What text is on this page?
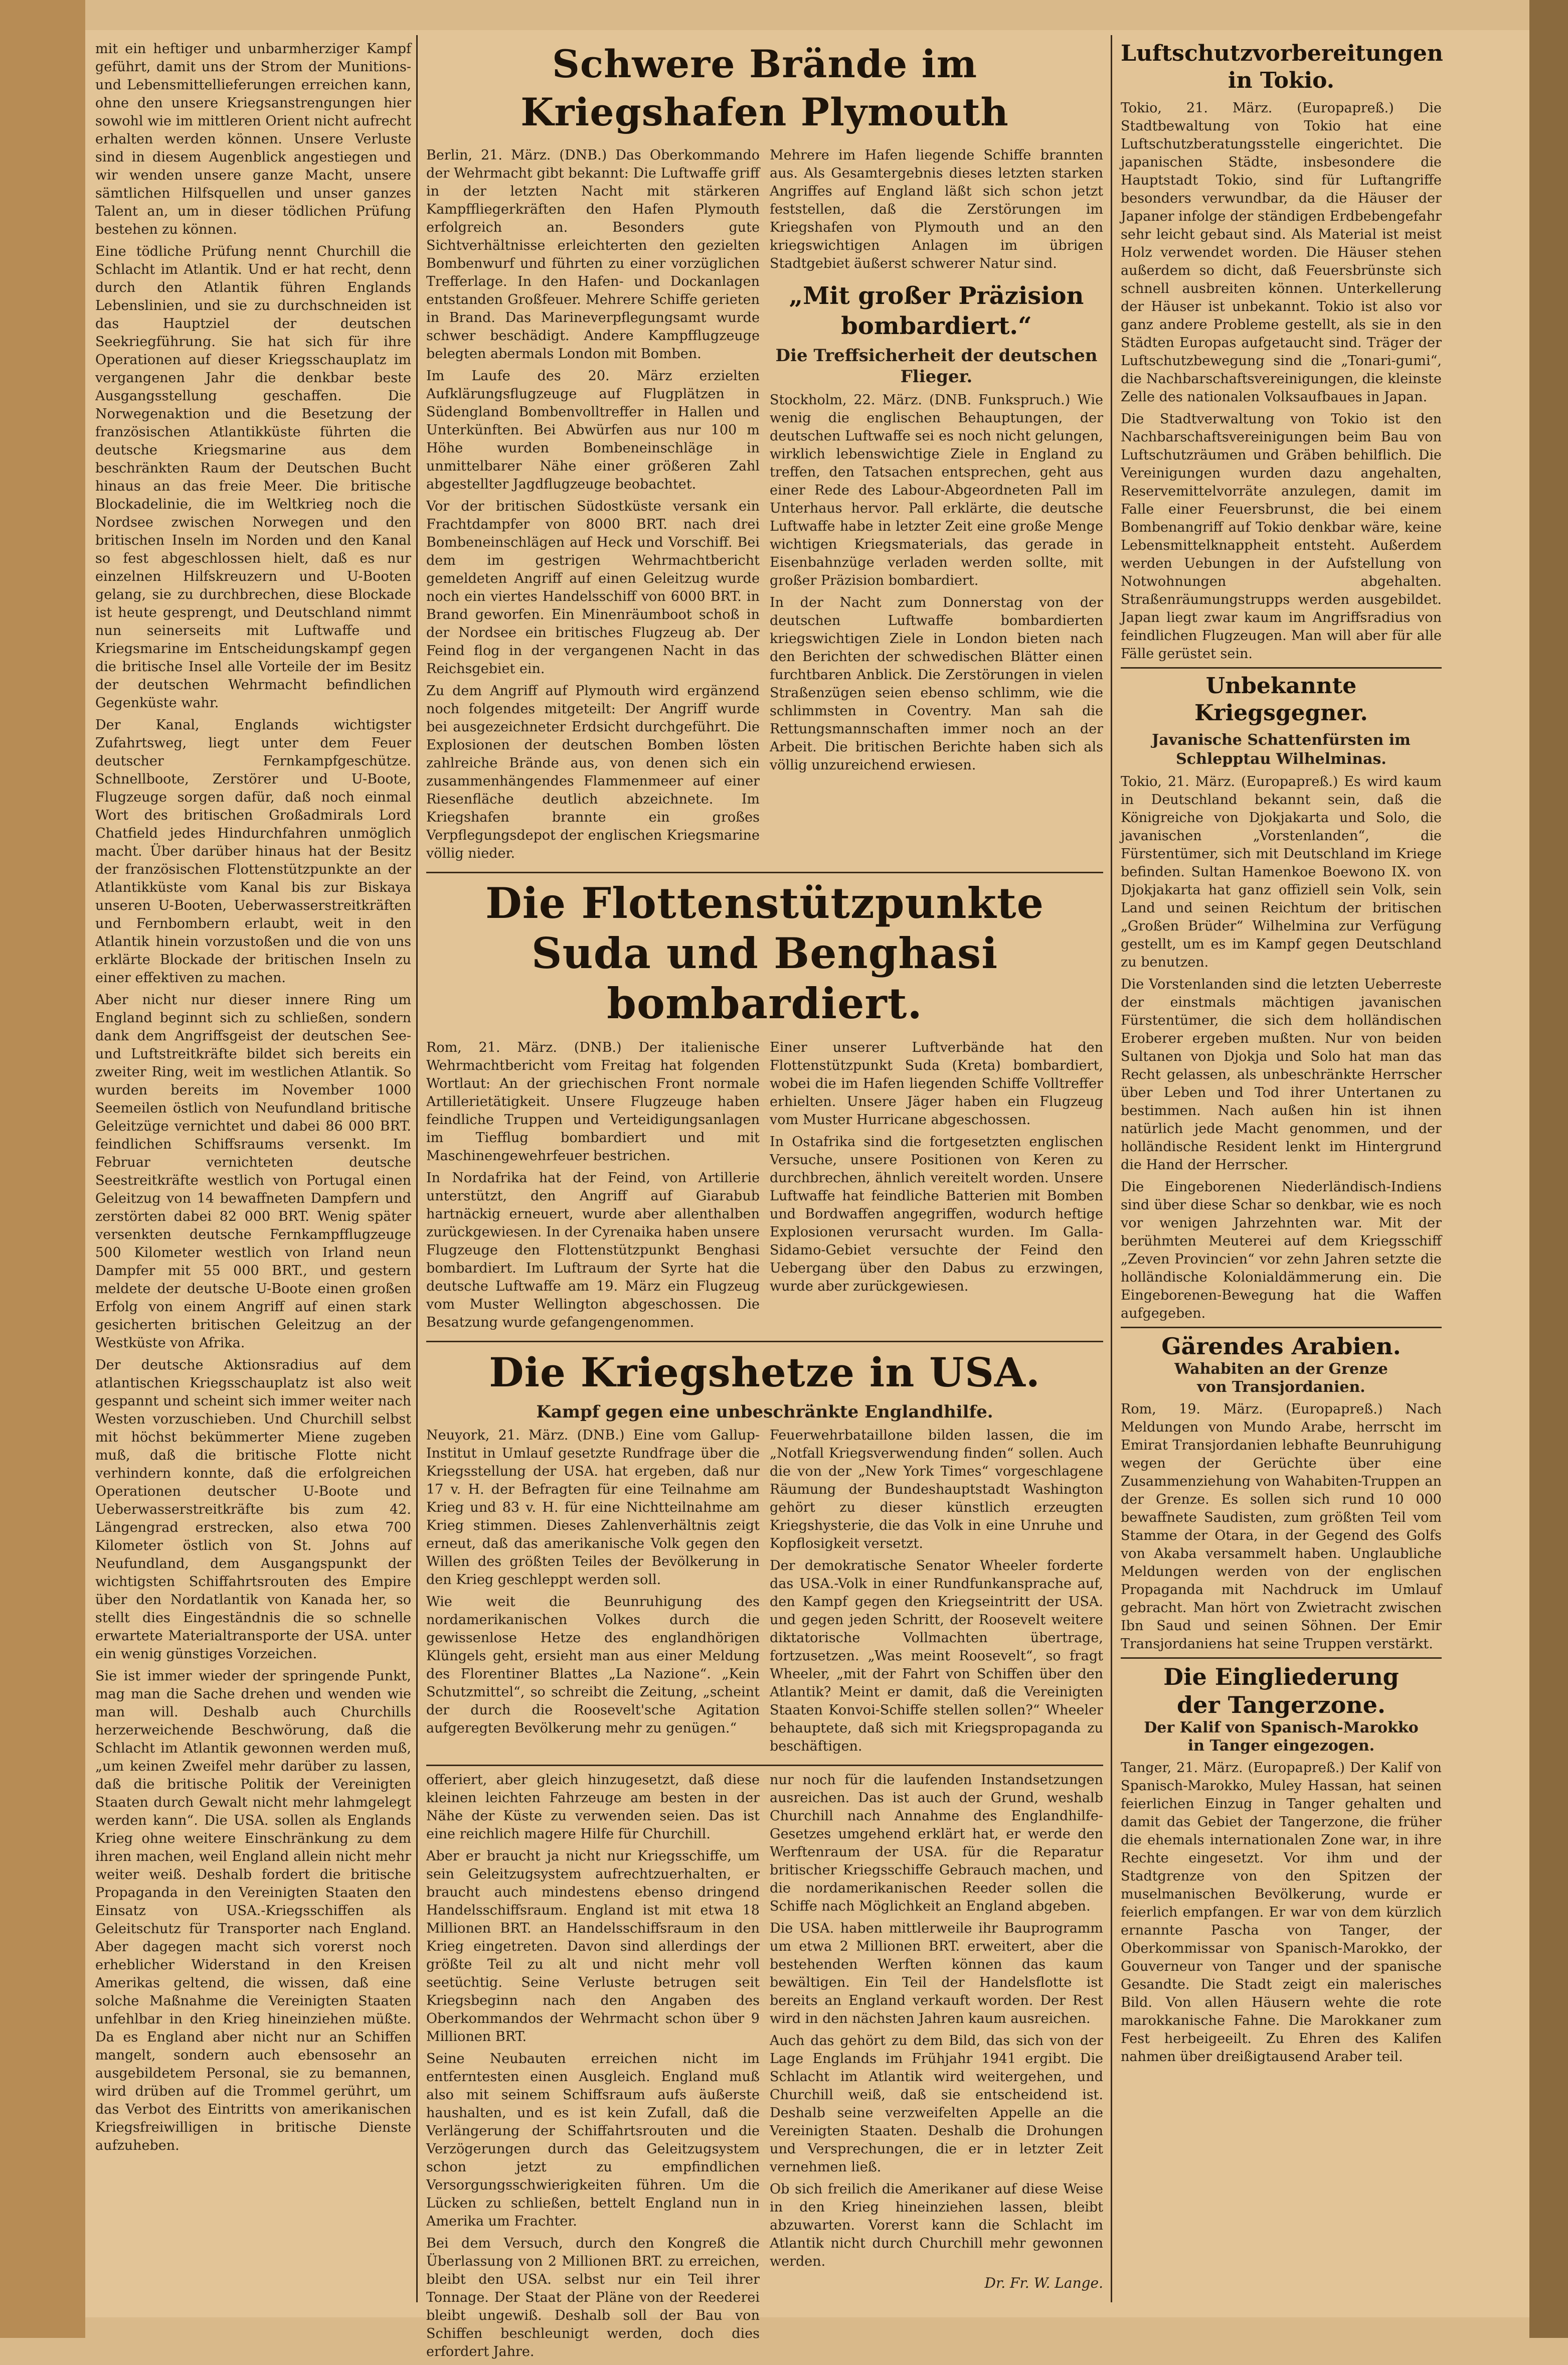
mit ein heftiger und unbarmherziger Kampf geführt, damit uns der Strom der Munitions- und Lebensmittellieferungen erreichen kann, ohne den unsere Kriegsanstrengungen hier sowohl wie im mittleren Orient nicht aufrecht erhalten werden können. Unsere Verluste sind in diesem Augenblick angestiegen und wir wenden unsere ganze Macht, unsere sämtlichen Hilfsquellen und unser ganzes Talent an, um in dieser tödlichen Prüfung bestehen zu können.

Eine tödliche Prüfung nennt Churchill die Schlacht im Atlantik. Und er hat recht, denn durch den Atlantik führen Englands Lebenslinien, und sie zu durchschneiden ist das Hauptziel der deutschen Seekriegführung. Sie hat sich für ihre Operationen auf dieser Kriegsschauplatz im vergangenen Jahr die denkbar beste Ausgangsstellung geschaffen. Die Norwegenaktion und die Besetzung der französischen Atlantikküste führten die deutsche Kriegsmarine aus dem beschränkten Raum der Deutschen Bucht hinaus an das freie Meer. Die britische Blockadelinie, die im Weltkrieg noch die Nordsee zwischen Norwegen und den britischen Inseln im Norden und den Kanal so fest abgeschlossen hielt, daß es nur einzelnen Hilfskreuzern und U-Booten gelang, sie zu durchbrechen, diese Blockade ist heute gesprengt, und Deutschland nimmt nun seinerseits mit Luftwaffe und Kriegsmarine im Entscheidungskampf gegen die britische Insel alle Vorteile der im Besitz der deutschen Wehrmacht befindlichen Gegenküste wahr.

Der Kanal, Englands wichtigster Zufahrtsweg, liegt unter dem Feuer deutscher Fernkampfgeschütze. Schnellboote, Zerstörer und U-Boote, Flugzeuge sorgen dafür, daß noch einmal Wort des britischen Großadmirals Lord Chatfield jedes Hindurchfahren unmöglich macht. Über darüber hinaus hat der Besitz der französischen Flottenstützpunkte an der Atlantikküste vom Kanal bis zur Biskaya unseren U-Booten, Ueberwasserstreitkräften und Fernbombern erlaubt, weit in den Atlantik hinein vorzustoßen und die von uns erklärte Blockade der britischen Inseln zu einer effektiven zu machen.

Aber nicht nur dieser innere Ring um England beginnt sich zu schließen, sondern dank dem Angriffsgeist der deutschen See- und Luftstreitkräfte bildet sich bereits ein zweiter Ring, weit im westlichen Atlantik. So wurden bereits im November 1000 Seemeilen östlich von Neufundland britische Geleitzüge vernichtet und dabei 86 000 BRT. feindlichen Schiffsraums versenkt. Im Februar vernichteten deutsche Seestreitkräfte westlich von Portugal einen Geleitzug von 14 bewaffneten Dampfern und zerstörten dabei 82 000 BRT. Wenig später versenkten deutsche Fernkampfflugzeuge 500 Kilometer westlich von Irland neun Dampfer mit 55 000 BRT., und gestern meldete der deutsche U-Boote einen großen Erfolg von einem Angriff auf einen stark gesicherten britischen Geleitzug an der Westküste von Afrika.

Der deutsche Aktionsradius auf dem atlantischen Kriegsschauplatz ist also weit gespannt und scheint sich immer weiter nach Westen vorzuschieben. Und Churchill selbst mit höchst bekümmerter Miene zugeben muß, daß die britische Flotte nicht verhindern konnte, daß die erfolgreichen Operationen deutscher U-Boote und Ueberwasserstreitkräfte bis zum 42. Längengrad erstrecken, also etwa 700 Kilometer östlich von St. Johns auf Neufundland, dem Ausgangspunkt der wichtigsten Schiffahrtsrouten des Empire über den Nordatlantik von Kanada her, so stellt dies Eingeständnis die so schnelle erwartete Materialtransporte der USA. unter ein wenig günstiges Vorzeichen.

Sie ist immer wieder der springende Punkt, mag man die Sache drehen und wenden wie man will. Deshalb auch Churchills herzerweichende Beschwörung, daß die Schlacht im Atlantik gewonnen werden muß, „um keinen Zweifel mehr darüber zu lassen, daß die britische Politik der Vereinigten Staaten durch Gewalt nicht mehr lahmgelegt werden kann“. Die USA. sollen als Englands Krieg ohne weitere Einschränkung zu dem ihren machen, weil England allein nicht mehr weiter weiß. Deshalb fordert die britische Propaganda in den Vereinigten Staaten den Einsatz von USA.-Kriegsschiffen als Geleitschutz für Transporter nach England. Aber dagegen macht sich vorerst noch erheblicher Widerstand in den Kreisen Amerikas geltend, die wissen, daß eine solche Maßnahme die Vereinigten Staaten unfehlbar in den Krieg hineinziehen müßte. Da es England aber nicht nur an Schiffen mangelt, sondern auch ebensosehr an ausgebildetem Personal, sie zu bemannen, wird drüben auf die Trommel gerührt, um das Verbot des Eintritts von amerikanischen Kriegsfreiwilligen in britische Dienste aufzuheben.

Schwere Brände im Kriegshafen Plymouth

Berlin, 21. März. (DNB.) Das Oberkommando der Wehrmacht gibt bekannt: Die Luftwaffe griff in der letzten Nacht mit stärkeren Kampffliegerkräften den Hafen Plymouth erfolgreich an. Besonders gute Sichtverhältnisse erleichterten den gezielten Bombenwurf und führten zu einer vorzüglichen Trefferlage. In den Hafen- und Dockanlagen entstanden Großfeuer. Mehrere Schiffe gerieten in Brand. Das Marineverpflegungsamt wurde schwer beschädigt. Andere Kampfflugzeuge belegten abermals London mit Bomben.

Im Laufe des 20. März erzielten Aufklärungsflugzeuge auf Flugplätzen in Südengland Bombenvolltreffer in Hallen und Unterkünften. Bei Abwürfen aus nur 100 m Höhe wurden Bombeneinschläge in unmittelbarer Nähe einer größeren Zahl abgestellter Jagdflugzeuge beobachtet.

Vor der britischen Südostküste versank ein Frachtdampfer von 8000 BRT. nach drei Bombeneinschlägen auf Heck und Vorschiff. Bei dem im gestrigen Wehrmachtbericht gemeldeten Angriff auf einen Geleitzug wurde noch ein viertes Handelsschiff von 6000 BRT. in Brand geworfen. Ein Minenräumboot schoß in der Nordsee ein britisches Flugzeug ab. Der Feind flog in der vergangenen Nacht in das Reichsgebiet ein.

Zu dem Angriff auf Plymouth wird ergänzend noch folgendes mitgeteilt: Der Angriff wurde bei ausgezeichneter Erdsicht durchgeführt. Die Explosionen der deutschen Bomben lösten zahlreiche Brände aus, von denen sich ein zusammenhängendes Flammenmeer auf einer Riesenfläche deutlich abzeichnete. Im Kriegshafen brannte ein großes Verpflegungsdepot der englischen Kriegsmarine völlig nieder.

Mehrere im Hafen liegende Schiffe brannten aus. Als Gesamtergebnis dieses letzten starken Angriffes auf England läßt sich schon jetzt feststellen, daß die Zerstörungen im Kriegshafen von Plymouth und an den kriegswichtigen Anlagen im übrigen Stadtgebiet äußerst schwerer Natur sind.

„Mit großer Präzision bombardiert.“
Die Treffsicherheit der deutschen Flieger.

Stockholm, 22. März. (DNB. Funkspruch.) Wie wenig die englischen Behauptungen, der deutschen Luftwaffe sei es noch nicht gelungen, wirklich lebenswichtige Ziele in England zu treffen, den Tatsachen entsprechen, geht aus einer Rede des Labour-Abgeordneten Pall im Unterhaus hervor. Pall erklärte, die deutsche Luftwaffe habe in letzter Zeit eine große Menge wichtigen Kriegsmaterials, das gerade in Eisenbahnzüge verladen werden sollte, mit großer Präzision bombardiert.

In der Nacht zum Donnerstag von der deutschen Luftwaffe bombardierten kriegswichtigen Ziele in London bieten nach den Berichten der schwedischen Blätter einen furchtbaren Anblick. Die Zerstörungen in vielen Straßenzügen seien ebenso schlimm, wie die schlimmsten in Coventry. Man sah die Rettungsmannschaften immer noch an der Arbeit. Die britischen Berichte haben sich als völlig unzureichend erwiesen.

Die Flottenstützpunkte
Suda und Benghasi bombardiert.

Rom, 21. März. (DNB.) Der italienische Wehrmachtbericht vom Freitag hat folgenden Wortlaut: An der griechischen Front normale Artillerietätigkeit. Unsere Flugzeuge haben feindliche Truppen und Verteidigungsanlagen im Tiefflug bombardiert und mit Maschinengewehrfeuer bestrichen.

In Nordafrika hat der Feind, von Artillerie unterstützt, den Angriff auf Giarabub hartnäckig erneuert, wurde aber allenthalben zurückgewiesen. In der Cyrenaika haben unsere Flugzeuge den Flottenstützpunkt Benghasi bombardiert. Im Luftraum der Syrte hat die deutsche Luftwaffe am 19. März ein Flugzeug vom Muster Wellington abgeschossen. Die Besatzung wurde gefangengenommen.

Einer unserer Luftverbände hat den Flottenstützpunkt Suda (Kreta) bombardiert, wobei die im Hafen liegenden Schiffe Volltreffer erhielten. Unsere Jäger haben ein Flugzeug vom Muster Hurricane abgeschossen.

In Ostafrika sind die fortgesetzten englischen Versuche, unsere Positionen von Keren zu durchbrechen, ähnlich vereitelt worden. Unsere Luftwaffe hat feindliche Batterien mit Bomben und Bordwaffen angegriffen, wodurch heftige Explosionen verursacht wurden. Im Galla-Sidamo-Gebiet versuchte der Feind den Uebergang über den Dabus zu erzwingen, wurde aber zurückgewiesen.

Die Kriegshetze in USA.
Kampf gegen eine unbeschränkte Englandhilfe.

Neuyork, 21. März. (DNB.) Eine vom Gallup-Institut in Umlauf gesetzte Rundfrage über die Kriegsstellung der USA. hat ergeben, daß nur 17 v. H. der Befragten für eine Teilnahme am Krieg und 83 v. H. für eine Nichtteilnahme am Krieg stimmen. Dieses Zahlenverhältnis zeigt erneut, daß das amerikanische Volk gegen den Willen des größten Teiles der Bevölkerung in den Krieg geschleppt werden soll.

Wie weit die Beunruhigung des nordamerikanischen Volkes durch die gewissenlose Hetze des englandhörigen Klüngels geht, ersieht man aus einer Meldung des Florentiner Blattes „La Nazione“. „Kein Schutzmittel“, so schreibt die Zeitung, „scheint der durch die Roosevelt'sche Agitation aufgeregten Bevölkerung mehr zu genügen.“

Feuerwehrbataillone bilden lassen, die im „Notfall Kriegsverwendung finden“ sollen. Auch die von der „New York Times“ vorgeschlagene Räumung der Bundeshauptstadt Washington gehört zu dieser künstlich erzeugten Kriegshysterie, die das Volk in eine Unruhe und Kopflosigkeit versetzt.

Der demokratische Senator Wheeler forderte das USA.-Volk in einer Rundfunkansprache auf, den Kampf gegen den Kriegseintritt der USA. und gegen jeden Schritt, der Roosevelt weitere diktatorische Vollmachten übertrage, fortzusetzen. „Was meint Roosevelt“, so fragt Wheeler, „mit der Fahrt von Schiffen über den Atlantik? Meint er damit, daß die Vereinigten Staaten Konvoi-Schiffe stellen sollen?“ Wheeler behauptete, daß sich mit Kriegspropaganda zu beschäftigen.

offeriert, aber gleich hinzugesetzt, daß diese kleinen leichten Fahrzeuge am besten in der Nähe der Küste zu verwenden seien. Das ist eine reichlich magere Hilfe für Churchill.

Aber er braucht ja nicht nur Kriegsschiffe, um sein Geleitzugsystem aufrechtzuerhalten, er braucht auch mindestens ebenso dringend Handelsschiffsraum. England ist mit etwa 18 Millionen BRT. an Handelsschiffsraum in den Krieg eingetreten. Davon sind allerdings der größte Teil zu alt und nicht mehr voll seetüchtig. Seine Verluste betrugen seit Kriegsbeginn nach den Angaben des Oberkommandos der Wehrmacht schon über 9 Millionen BRT.

Seine Neubauten erreichen nicht im entferntesten einen Ausgleich. England muß also mit seinem Schiffsraum aufs äußerste haushalten, und es ist kein Zufall, daß die Verlängerung der Schiffahrtsrouten und die Verzögerungen durch das Geleitzugsystem schon jetzt zu empfindlichen Versorgungsschwierigkeiten führen. Um die Lücken zu schließen, bettelt England nun in Amerika um Frachter.

Bei dem Versuch, durch den Kongreß die Überlassung von 2 Millionen BRT. zu erreichen, bleibt den USA. selbst nur ein Teil ihrer Tonnage. Der Staat der Pläne von der Reederei bleibt ungewiß. Deshalb soll der Bau von Schiffen beschleunigt werden, doch dies erfordert Jahre.

nur noch für die laufenden Instandsetzungen ausreichen. Das ist auch der Grund, weshalb Churchill nach Annahme des Englandhilfe-Gesetzes umgehend erklärt hat, er werde den Werftenraum der USA. für die Reparatur britischer Kriegsschiffe Gebrauch machen, und die nordamerikanischen Reeder sollen die Schiffe nach Möglichkeit an England abgeben.

Die USA. haben mittlerweile ihr Bauprogramm um etwa 2 Millionen BRT. erweitert, aber die bestehenden Werften können das kaum bewältigen. Ein Teil der Handelsflotte ist bereits an England verkauft worden. Der Rest wird in den nächsten Jahren kaum ausreichen.

Auch das gehört zu dem Bild, das sich von der Lage Englands im Frühjahr 1941 ergibt. Die Schlacht im Atlantik wird weitergehen, und Churchill weiß, daß sie entscheidend ist. Deshalb seine verzweifelten Appelle an die Vereinigten Staaten. Deshalb die Drohungen und Versprechungen, die er in letzter Zeit vernehmen ließ.

Ob sich freilich die Amerikaner auf diese Weise in den Krieg hineinziehen lassen, bleibt abzuwarten. Vorerst kann die Schlacht im Atlantik nicht durch Churchill mehr gewonnen werden.

Dr. Fr. W. Lange.
Luftschutzvorbereitungen
in Tokio.

Tokio, 21. März. (Europapreß.) Die Stadtbewaltung von Tokio hat eine Luftschutzberatungsstelle eingerichtet. Die japanischen Städte, insbesondere die Hauptstadt Tokio, sind für Luftangriffe besonders verwundbar, da die Häuser der Japaner infolge der ständigen Erdbebengefahr sehr leicht gebaut sind. Als Material ist meist Holz verwendet worden. Die Häuser stehen außerdem so dicht, daß Feuersbrünste sich schnell ausbreiten können. Unterkellerung der Häuser ist unbekannt. Tokio ist also vor ganz andere Probleme gestellt, als sie in den Städten Europas aufgetaucht sind. Träger der Luftschutzbewegung sind die „Tonari-gumi“, die Nachbarschaftsvereinigungen, die kleinste Zelle des nationalen Volksaufbaues in Japan.

Die Stadtverwaltung von Tokio ist den Nachbarschaftsvereinigungen beim Bau von Luftschutzräumen und Gräben behilflich. Die Vereinigungen wurden dazu angehalten, Reservemittelvorräte anzulegen, damit im Falle einer Feuersbrunst, die bei einem Bombenangriff auf Tokio denkbar wäre, keine Lebensmittelknappheit entsteht. Außerdem werden Uebungen in der Aufstellung von Notwohnungen abgehalten. Straßenräumungstrupps werden ausgebildet. Japan liegt zwar kaum im Angriffsradius von feindlichen Flugzeugen. Man will aber für alle Fälle gerüstet sein.

Unbekannte Kriegsgegner.
Javanische Schattenfürsten im Schlepptau Wilhelminas.

Tokio, 21. März. (Europapreß.) Es wird kaum in Deutschland bekannt sein, daß die Königreiche von Djokjakarta und Solo, die javanischen „Vorstenlanden“, die Fürstentümer, sich mit Deutschland im Kriege befinden. Sultan Hamenkoe Boewono IX. von Djokjakarta hat ganz offiziell sein Volk, sein Land und seinen Reichtum der britischen „Großen Brüder“ Wilhelmina zur Verfügung gestellt, um es im Kampf gegen Deutschland zu benutzen.

Die Vorstenlanden sind die letzten Ueberreste der einstmals mächtigen javanischen Fürstentümer, die sich dem holländischen Eroberer ergeben mußten. Nur von beiden Sultanen von Djokja und Solo hat man das Recht gelassen, als unbeschränkte Herrscher über Leben und Tod ihrer Untertanen zu bestimmen. Nach außen hin ist ihnen natürlich jede Macht genommen, und der holländische Resident lenkt im Hintergrund die Hand der Herrscher.

Die Eingeborenen Niederländisch-Indiens sind über diese Schar so denkbar, wie es noch vor wenigen Jahrzehnten war. Mit der berühmten Meuterei auf dem Kriegsschiff „Zeven Provincien“ vor zehn Jahren setzte die holländische Kolonialdämmerung ein. Die Eingeborenen-Bewegung hat die Waffen aufgegeben.

Gärendes Arabien.
Wahabiten an der Grenze
von Transjordanien.

Rom, 19. März. (Europapreß.) Nach Meldungen von Mundo Arabe, herrscht im Emirat Transjordanien lebhafte Beunruhigung wegen der Gerüchte über eine Zusammenziehung von Wahabiten-Truppen an der Grenze. Es sollen sich rund 10 000 bewaffnete Saudisten, zum größten Teil vom Stamme der Otara, in der Gegend des Golfs von Akaba versammelt haben. Unglaubliche Meldungen werden von der englischen Propaganda mit Nachdruck im Umlauf gebracht. Man hört von Zwietracht zwischen Ibn Saud und seinen Söhnen. Der Emir Transjordaniens hat seine Truppen verstärkt.

Die Eingliederung
der Tangerzone.
Der Kalif von Spanisch-Marokko
in Tanger eingezogen.

Tanger, 21. März. (Europapreß.) Der Kalif von Spanisch-Marokko, Muley Hassan, hat seinen feierlichen Einzug in Tanger gehalten und damit das Gebiet der Tangerzone, die früher die ehemals internationalen Zone war, in ihre Rechte eingesetzt. Vor ihm und der Stadtgrenze von den Spitzen der muselmanischen Bevölkerung, wurde er feierlich empfangen. Er war von dem kürzlich ernannte Pascha von Tanger, der Oberkommissar von Spanisch-Marokko, der Gouverneur von Tanger und der spanische Gesandte. Die Stadt zeigt ein malerisches Bild. Von allen Häusern wehte die rote marokkanische Fahne. Die Marokkaner zum Fest herbeigeeilt. Zu Ehren des Kalifen nahmen über dreißigtausend Araber teil.
